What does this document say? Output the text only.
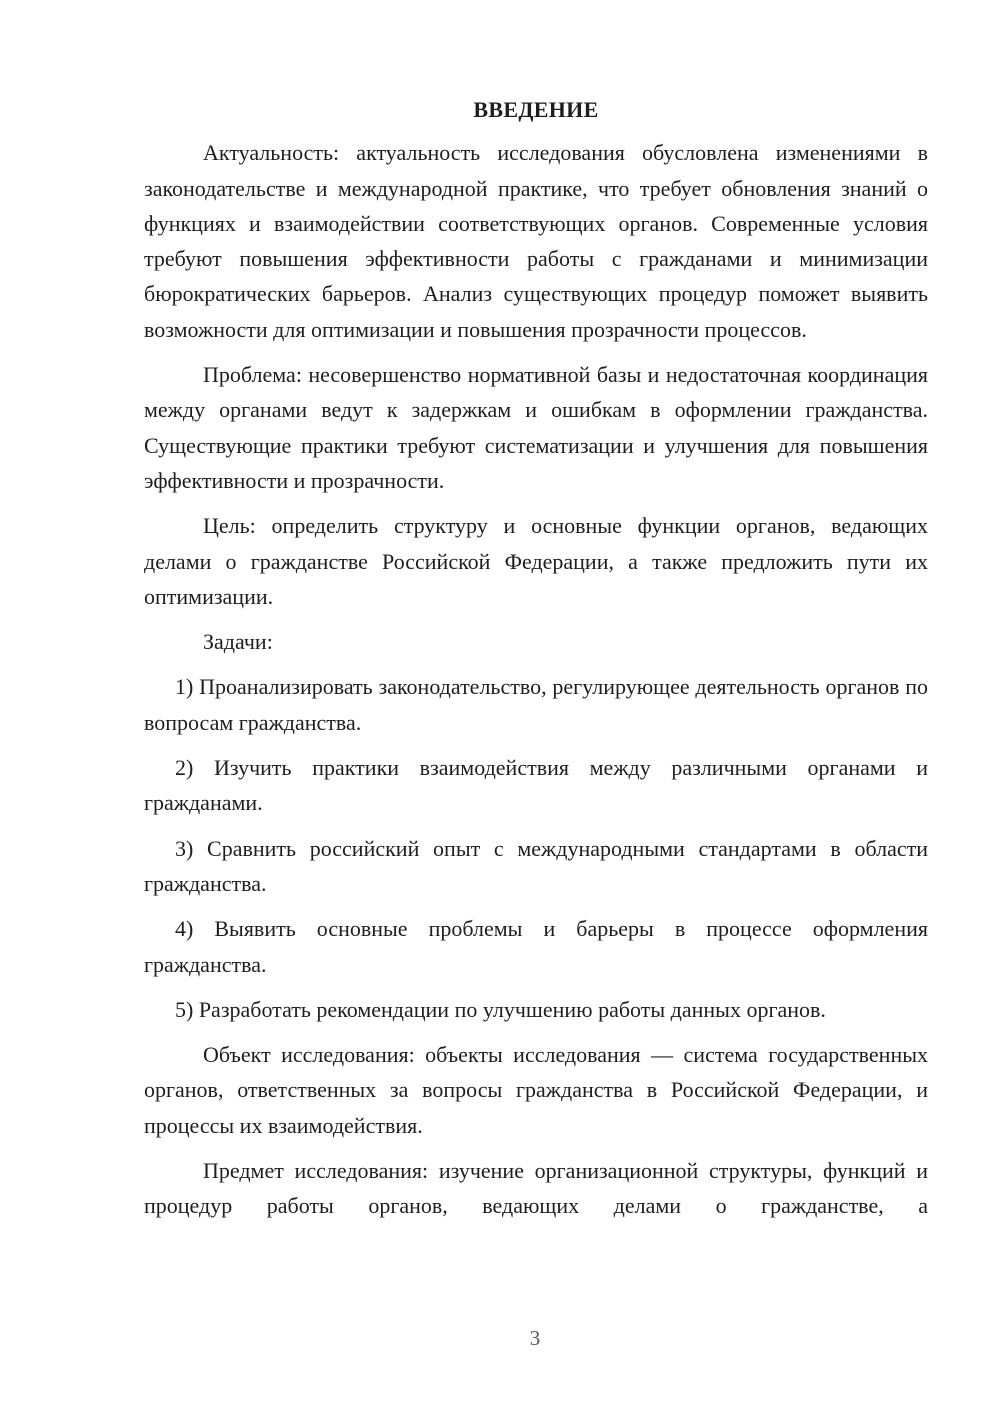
ВВЕДЕНИЕ

Актуальность: актуальность исследования обусловлена изменениями в законодательстве и международной практике, что требует обновления знаний о функциях и взаимодействии соответствующих органов. Современные условия требуют повышения эффективности работы с гражданами и минимизации бюрократических барьеров. Анализ существующих процедур поможет выявить возможности для оптимизации и повышения прозрачности процессов.

Проблема: несовершенство нормативной базы и недостаточная координация между органами ведут к задержкам и ошибкам в оформлении гражданства. Существующие практики требуют систематизации и улучшения для повышения эффективности и прозрачности.

Цель: определить структуру и основные функции органов, ведающих делами о гражданстве Российской Федерации, а также предложить пути их оптимизации.

Задачи:

1) Проанализировать законодательство, регулирующее деятельность органов по вопросам гражданства.

2) Изучить практики взаимодействия между различными органами и гражданами.

3) Сравнить российский опыт с международными стандартами в области гражданства.

4) Выявить основные проблемы и барьеры в процессе оформления гражданства.

5) Разработать рекомендации по улучшению работы данных органов.

Объект исследования: объекты исследования — система государственных органов, ответственных за вопросы гражданства в Российской Федерации, и процессы их взаимодействия.

Предмет исследования: изучение организационной структуры, функций и процедур работы органов, ведающих делами о гражданстве, а

3
